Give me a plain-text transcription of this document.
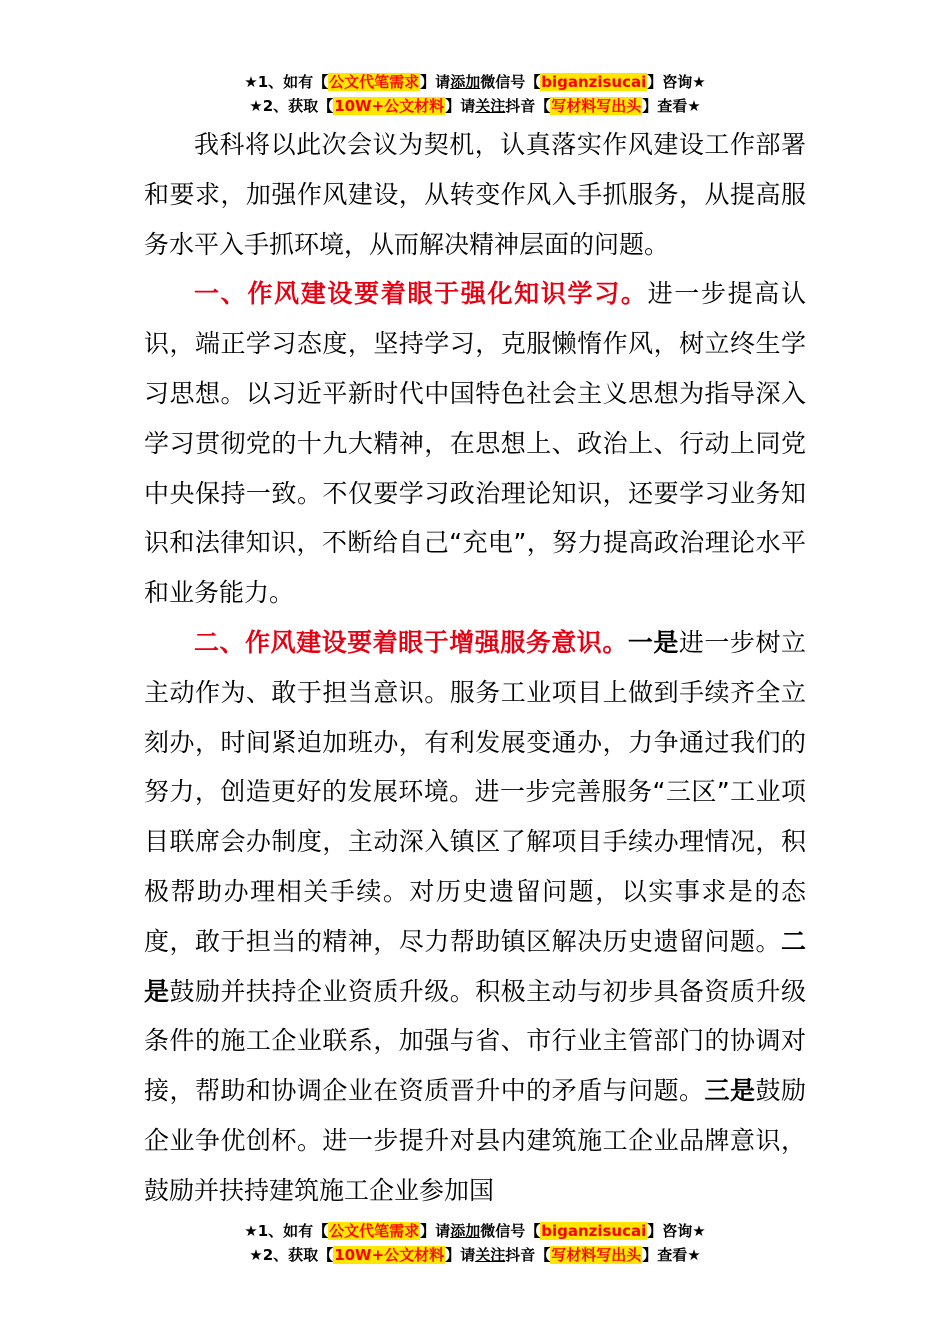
★1、如有【公文代笔需求】请添加微信号【biganzisucai】咨询★
★2、获取【10W+公文材料】请关注抖音【写材料写出头】查看★

我科将以此次会议为契机，认真落实作风建设工作部署和要求，加强作风建设，从转变作风入手抓服务，从提高服务水平入手抓环境，从而解决精神层面的问题。

一、作风建设要着眼于强化知识学习。进一步提高认识，端正学习态度，坚持学习，克服懒惰作风，树立终生学习思想。以习近平新时代中国特色社会主义思想为指导深入学习贯彻党的十九大精神，在思想上、政治上、行动上同党中央保持一致。不仅要学习政治理论知识，还要学习业务知识和法律知识，不断给自己“充电”，努力提高政治理论水平和业务能力。

二、作风建设要着眼于增强服务意识。一是进一步树立主动作为、敢于担当意识。服务工业项目上做到手续齐全立刻办，时间紧迫加班办，有利发展变通办，力争通过我们的努力，创造更好的发展环境。进一步完善服务“三区”工业项目联席会办制度，主动深入镇区了解项目手续办理情况，积极帮助办理相关手续。对历史遗留问题，以实事求是的态度，敢于担当的精神，尽力帮助镇区解决历史遗留问题。二是鼓励并扶持企业资质升级。积极主动与初步具备资质升级条件的施工企业联系，加强与省、市行业主管部门的协调对接，帮助和协调企业在资质晋升中的矛盾与问题。三是鼓励企业争优创杯。进一步提升对县内建筑施工企业品牌意识，鼓励并扶持建筑施工企业参加国

★1、如有【公文代笔需求】请添加微信号【biganzisucai】咨询★
★2、获取【10W+公文材料】请关注抖音【写材料写出头】查看★
